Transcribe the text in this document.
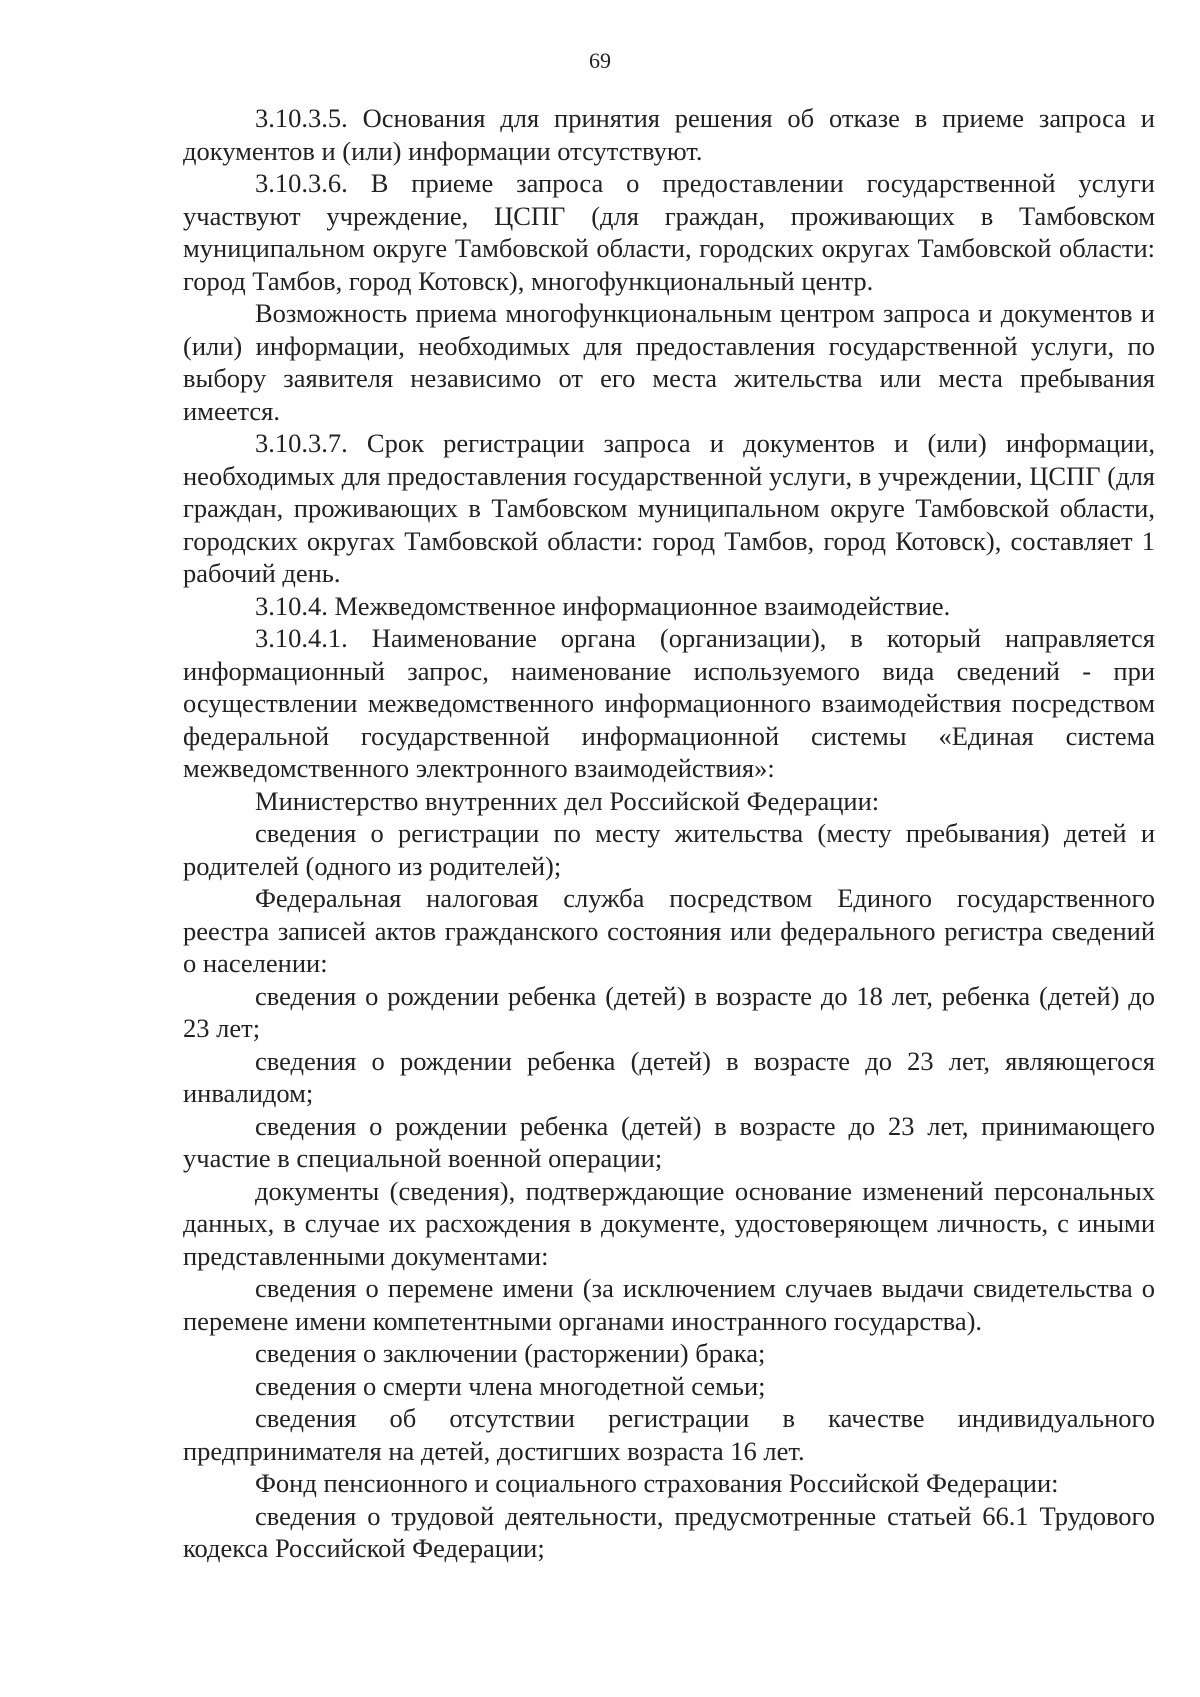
69

3.10.3.5. Основания для принятия решения об отказе в приеме запроса и документов и (или) информации отсутствуют.

3.10.3.6. В приеме запроса о предоставлении государственной услуги участвуют учреждение, ЦСПГ (для граждан, проживающих в Тамбовском муниципальном округе Тамбовской области, городских округах Тамбовской области: город Тамбов, город Котовск), многофункциональный центр.

Возможность приема многофункциональным центром запроса и документов и (или) информации, необходимых для предоставления государственной услуги, по выбору заявителя независимо от его места жительства или места пребывания имеется.

3.10.3.7. Срок регистрации запроса и документов и (или) информации, необходимых для предоставления государственной услуги, в учреждении, ЦСПГ (для граждан, проживающих в Тамбовском муниципальном округе Тамбовской области, городских округах Тамбовской области: город Тамбов, город Котовск), составляет 1 рабочий день.

3.10.4. Межведомственное информационное взаимодействие.

3.10.4.1. Наименование органа (организации), в который направляется информационный запрос, наименование используемого вида сведений - при осуществлении межведомственного информационного взаимодействия посредством федеральной государственной информационной системы «Единая система межведомственного электронного взаимодействия»:

Министерство внутренних дел Российской Федерации:

сведения о регистрации по месту жительства (месту пребывания) детей и родителей (одного из родителей);

Федеральная налоговая служба посредством Единого государственного реестра записей актов гражданского состояния или федерального регистра сведений о населении:

сведения о рождении ребенка (детей) в возрасте до 18 лет, ребенка (детей) до 23 лет;

сведения о рождении ребенка (детей) в возрасте до 23 лет, являющегося инвалидом;

сведения о рождении ребенка (детей) в возрасте до 23 лет, принимающего участие в специальной военной операции;

документы (сведения), подтверждающие основание изменений персональных данных, в случае их расхождения в документе, удостоверяющем личность, с иными представленными документами:

сведения о перемене имени (за исключением случаев выдачи свидетельства о перемене имени компетентными органами иностранного государства).

сведения о заключении (расторжении) брака;

сведения о смерти члена многодетной семьи;

сведения об отсутствии регистрации в качестве индивидуального предпринимателя на детей, достигших возраста 16 лет.

Фонд пенсионного и социального страхования Российской Федерации:

сведения о трудовой деятельности, предусмотренные статьей 66.1 Трудового кодекса Российской Федерации;
